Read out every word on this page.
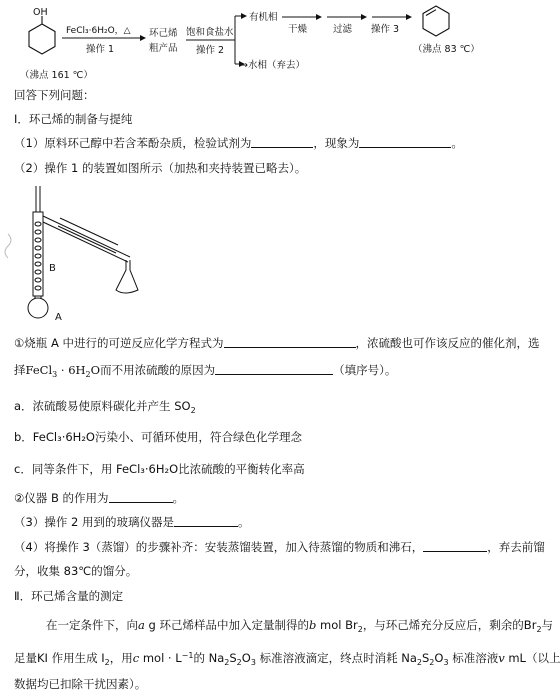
OH
（沸点 161 ℃）
FeCl₃·6H₂O，△
操作 1
环己烯
粗产品
饱和食盐水
操作 2
有机相
→水相（弃去）
干燥	过滤 操作 3
（沸点 83 ℃）
回答下列问题：
Ⅰ．环己烯的制备与提纯
（1）原料环己醇中若含苯酚杂质，检验试剂为	，现象为	。
（2）操作 1 的装置如图所示（加热和夹持装置已略去）。
B
A
①烧瓶 A 中进行的可逆反应化学方程式为	，浓硫酸也可作该反应的催化剂，选
择FeCl$_3$ · $6H_2O$而不用浓硫酸的原因为	（填序号）。
a．浓硫酸易使原料碳化并产生 $SO_2$
b．FeCl₃·6H₂O污染小、可循环使用，符合绿色化学理念
c．同等条件下，用 FeCl₃·6H₂O比浓硫酸的平衡转化率高
②仪器 B 的作用为	。
（3）操作 2 用到的玻璃仪器是	。
（4）将操作 3（蒸馏）的步骤补齐：安装蒸馏装置，加入待蒸馏的物质和沸石，	，弃去前馏
分，收集 83℃的馏分。
Ⅱ．环己烯含量的测定
在一定条件下，向a g 环己烯样品中加入定量制得的b mol $Br_2$，与环己烯充分反应后，剩余的$Br_2$与
足量KI 作用生成 $I_2$，用c mol · $L^{-1}$的 $Na_2S_2O_3$ 标准溶液滴定，终点时消耗 $Na_2S_2O_3$ 标准溶液v mL（以上
数据均已扣除干扰因素）。
